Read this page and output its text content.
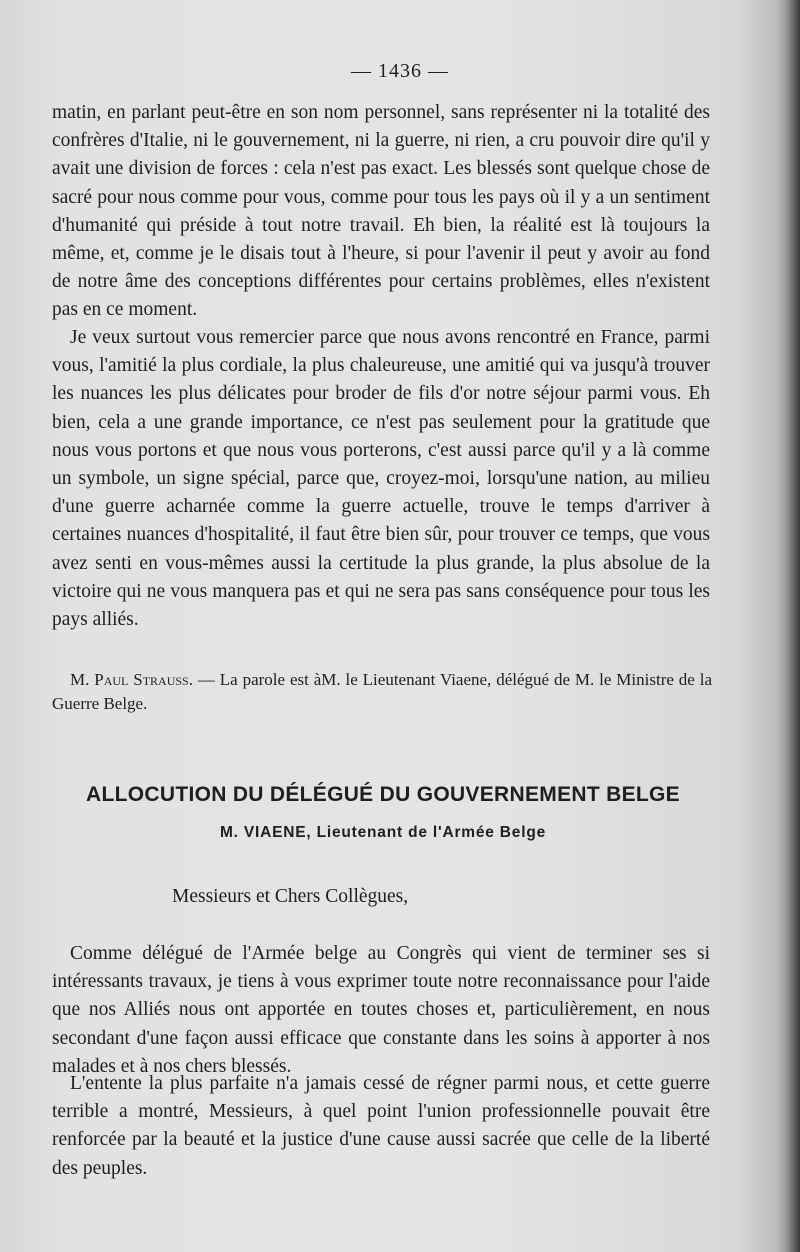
— 1436 —
matin, en parlant peut-être en son nom personnel, sans représenter ni la totalité des confrères d'Italie, ni le gouvernement, ni la guerre, ni rien, a cru pouvoir dire qu'il y avait une division de forces : cela n'est pas exact. Les blessés sont quelque chose de sacré pour nous comme pour vous, comme pour tous les pays où il y a un sentiment d'humanité qui préside à tout notre travail. Eh bien, la réalité est là toujours la même, et, comme je le disais tout à l'heure, si pour l'avenir il peut y avoir au fond de notre âme des conceptions différentes pour certains problèmes, elles n'existent pas en ce moment.
Je veux surtout vous remercier parce que nous avons rencontré en France, parmi vous, l'amitié la plus cordiale, la plus chaleureuse, une amitié qui va jusqu'à trouver les nuances les plus délicates pour broder de fils d'or notre séjour parmi vous. Eh bien, cela a une grande importance, ce n'est pas seulement pour la gratitude que nous vous portons et que nous vous porterons, c'est aussi parce qu'il y a là comme un symbole, un signe spécial, parce que, croyez-moi, lorsqu'une nation, au milieu d'une guerre acharnée comme la guerre actuelle, trouve le temps d'arriver à certaines nuances d'hospitalité, il faut être bien sûr, pour trouver ce temps, que vous avez senti en vous-mêmes aussi la certitude la plus grande, la plus absolue de la victoire qui ne vous manquera pas et qui ne sera pas sans conséquence pour tous les pays alliés.
M. Paul Strauss. — La parole est àM. le Lieutenant Viaene, délégué de M. le Ministre de la Guerre Belge.
ALLOCUTION DU DÉLÉGUÉ DU GOUVERNEMENT BELGE
M. VIAENE, Lieutenant de l'Armée Belge
Messieurs et Chers Collègues,
Comme délégué de l'Armée belge au Congrès qui vient de terminer ses si intéressants travaux, je tiens à vous exprimer toute notre reconnaissance pour l'aide que nos Alliés nous ont apportée en toutes choses et, particulièrement, en nous secondant d'une façon aussi efficace que constante dans les soins à apporter à nos malades et à nos chers blessés.
L'entente la plus parfaite n'a jamais cessé de régner parmi nous, et cette guerre terrible a montré, Messieurs, à quel point l'union professionnelle pouvait être renforcée par la beauté et la justice d'une cause aussi sacrée que celle de la liberté des peuples.
